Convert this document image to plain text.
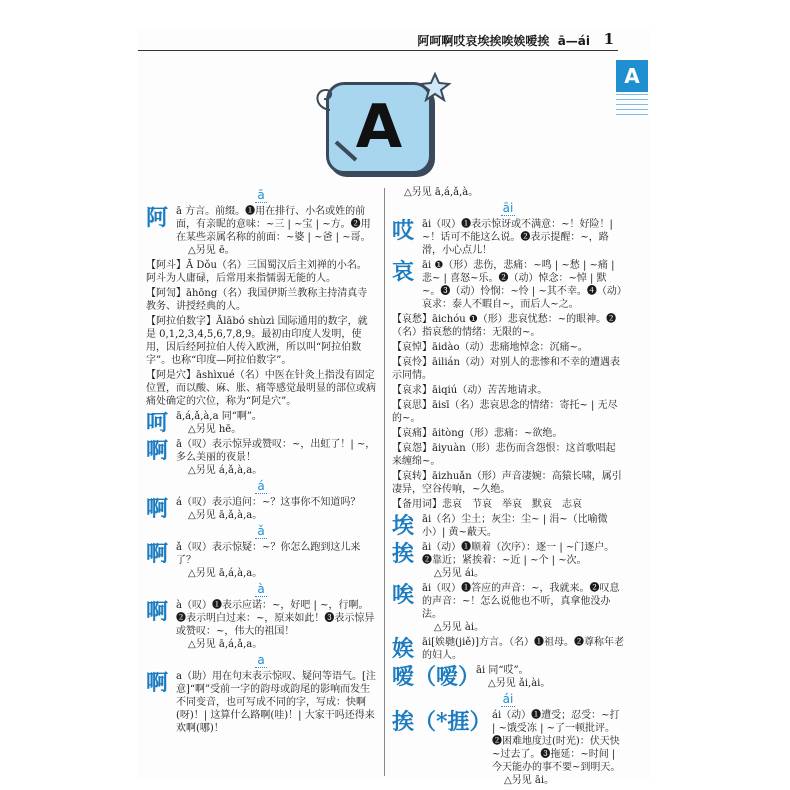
阿呵啊哎哀埃挨唉娭嗳挨 ā—ái 1
A
A
ā
阿 ā 方言。前缀。❶用在排行、小名或姓的前面，有亲昵的意味：~三 | ~宝 | ~方。❷用在某些亲属名称的前面：~婆 | ~爸 | ~哥。

△另见 ē。

【阿斗】Ā Dǒu（名）三国蜀汉后主刘禅的小名。阿斗为人庸碌，后常用来指懦弱无能的人。

【阿訇】āhōng（名）我国伊斯兰教称主持清真寺教务、讲授经典的人。

【阿拉伯数字】Ālābó shùzì 国际通用的数字，就是 0,1,2,3,4,5,6,7,8,9。最初由印度人发明，使用，因后经阿拉伯人传入欧洲，所以叫“阿拉伯数字”。也称“印度—阿拉伯数字”。

【阿是穴】āshìxué（名）中医在针灸上指没有固定位置，而以酸、麻、胀、痛等感觉最明显的部位或病痛处确定的穴位，称为“阿是穴”。

呵 ā,á,ǎ,à,a 同“啊”。

△另见 hē。

啊 ā（叹）表示惊异或赞叹：~，出虹了！| ~，多么美丽的夜景！

△另见 á,ǎ,à,a。

á
啊 á（叹）表示追问：~？这事你不知道吗？

△另见 ā,ǎ,à,a。

ǎ
啊 ǎ（叹）表示惊疑：~？你怎么跑到这儿来了？

△另见 ā,á,à,a。

à
啊 à（叹）❶表示应诺：~，好吧 | ~，行啊。❷表示明白过来：~，原来如此！❸表示惊异或赞叹：~，伟大的祖国！

△另见 ā,á,ǎ,a。

a
啊 a（助）用在句末表示惊叹、疑问等语气。[注意]“啊”受前一字的韵母或韵尾的影响而发生不同变音，也可写成不同的字，写成：快啊(呀)！| 这算什么路啊(哇)！| 大家干吗还得来欢啊(哪)！

△另见 ā,á,ǎ,à。

āi
哎 āi（叹）❶表示惊讶或不满意：~！好险！| ~！话可不能这么说。❷表示提醒：~，路滑，小心点儿！

哀 āi ❶（形）悲伤，悲痛：~鸣 | ~愁 | ~痛 | 悲~ | 喜怒~乐。❷（动）悼念：~悼 | 默~。❸（动）怜悯：~怜 | ~其不幸。❹（动）哀求：泰人不暇自~，而后人~之。

【哀愁】āichóu ❶（形）悲哀忧愁：~的眼神。❷（名）指哀愁的情绪：无限的~。

【哀悼】āidào（动）悲痛地悼念：沉痛~。

【哀怜】āilián（动）对别人的悲惨和不幸的遭遇表示同情。

【哀求】āiqiú（动）苦苦地请求。

【哀思】āisī（名）悲哀思念的情绪：寄托~ | 无尽的~。

【哀痛】āitòng（形）悲痛：~欲绝。

【哀怨】āiyuàn（形）悲伤而含怨恨：这首歌唱起来缠绵~。

【哀转】āizhuǎn（形）声音凄婉：高猿长啸，属引凄异，空谷传响，~久绝。

【备用词】悲哀　节哀　举哀　默哀　志哀

埃 āi（名）尘土；灰尘：尘~ | 涓~（比喻微小）| 黄~蔽天。

挨 āi（动）❶顺着（次序）：逐一 | ~门逐户。❷靠近；紧挨着：~近 | ~个 | ~次。

△另见 ái。

唉 āi（叹）❶答应的声音：~，我就来。❷叹息的声音：~！怎么说他也不听，真拿他没办法。

△另见 ài。

娭 āi[娭毑(jiě)]方言。（名）❶祖母。❷尊称年老的妇人。

嗳（嗳）

āi 同“哎”。

△另见 ǎi,ài。

ái
挨（*捱） ái（动）❶遭受；忍受：~打 | ~饿受冻 | ~了一顿批评。❷困难地度过(时光)：伏天快~过去了。❸拖延：~时间 | 今天能办的事不要~到明天。

△另见 āi。
